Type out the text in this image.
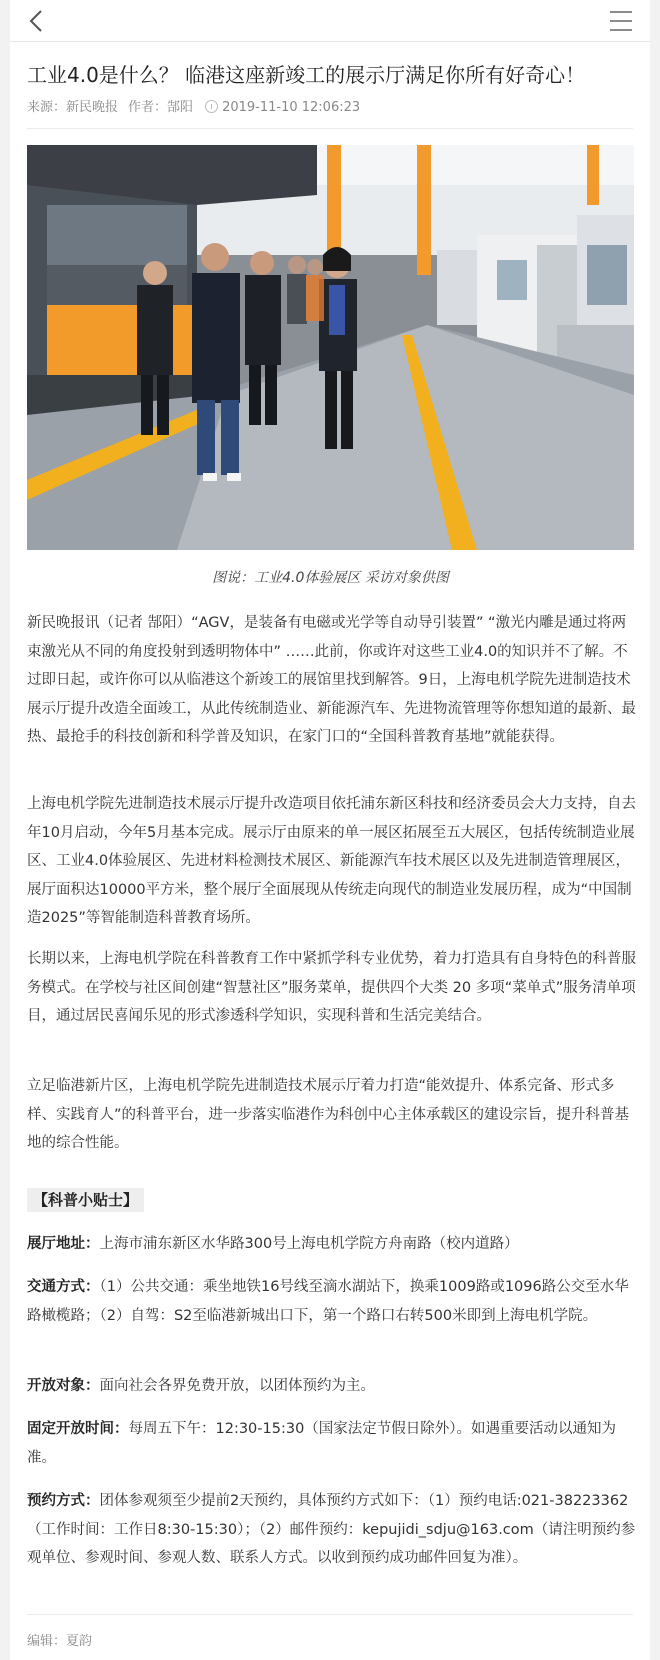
工业4.0是什么？ 临港这座新竣工的展示厅满足你所有好奇心！
来源：新民晚报 作者：郜阳 2019-11-10 12:06:23

图说：工业4.0体验展区 采访对象供图

新民晚报讯（记者 郜阳）“AGV，是装备有电磁或光学等自动导引装置” “激光内雕是通过将两束激光从不同的角度投射到透明物体中” ……此前，你或许对这些工业4.0的知识并不了解。不过即日起，或许你可以从临港这个新竣工的展馆里找到解答。9日，上海电机学院先进制造技术展示厅提升改造全面竣工，从此传统制造业、新能源汽车、先进物流管理等你想知道的最新、最热、最抢手的科技创新和科学普及知识，在家门口的“全国科普教育基地”就能获得。

上海电机学院先进制造技术展示厅提升改造项目依托浦东新区科技和经济委员会大力支持，自去年10月启动，今年5月基本完成。展示厅由原来的单一展区拓展至五大展区，包括传统制造业展区、工业4.0体验展区、先进材料检测技术展区、新能源汽车技术展区以及先进制造管理展区，展厅面积达10000平方米，整个展厅全面展现从传统走向现代的制造业发展历程，成为“中国制造2025”等智能制造科普教育场所。

长期以来，上海电机学院在科普教育工作中紧抓学科专业优势，着力打造具有自身特色的科普服务模式。在学校与社区间创建“智慧社区”服务菜单，提供四个大类 20 多项“菜单式”服务清单项目，通过居民喜闻乐见的形式渗透科学知识，实现科普和生活完美结合。

立足临港新片区，上海电机学院先进制造技术展示厅着力打造“能效提升、体系完备、形式多样、实践育人”的科普平台，进一步落实临港作为科创中心主体承载区的建设宗旨，提升科普基地的综合性能。

【科普小贴士】

展厅地址：上海市浦东新区水华路300号上海电机学院方舟南路（校内道路）

交通方式：（1）公共交通：乘坐地铁16号线至滴水湖站下，换乘1009路或1096路公交至水华路橄榄路；（2）自驾：S2至临港新城出口下，第一个路口右转500米即到上海电机学院。

开放对象：面向社会各界免费开放，以团体预约为主。

固定开放时间：每周五下午：12:30-15:30（国家法定节假日除外）。如遇重要活动以通知为准。

预约方式：团体参观须至少提前2天预约，具体预约方式如下：（1）预约电话:021-38223362（工作时间：工作日8:30-15:30）；（2）邮件预约：kepujidi_sdju@163.com（请注明预约参观单位、参观时间、参观人数、联系人方式。以收到预约成功邮件回复为准）。

编辑：夏韵
